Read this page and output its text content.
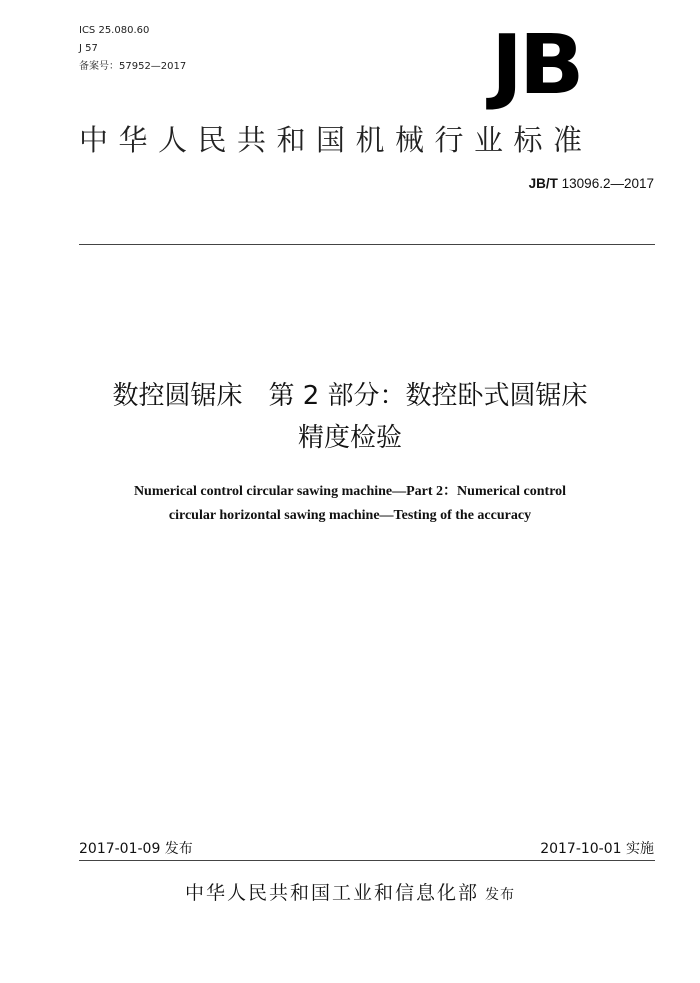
ICS 25.080.60
J 57
备案号：57952—2017	JB
中华人民共和国机械行业标准
JB/T 13096.2—2017
数控圆锯床　第 2 部分：数控卧式圆锯床
精度检验
Numerical control circular sawing machine—Part 2：Numerical control
circular horizontal sawing machine—Testing of the accuracy
2017-01-09 发布	2017-10-01 实施
中华人民共和国工业和信息化部 发布
